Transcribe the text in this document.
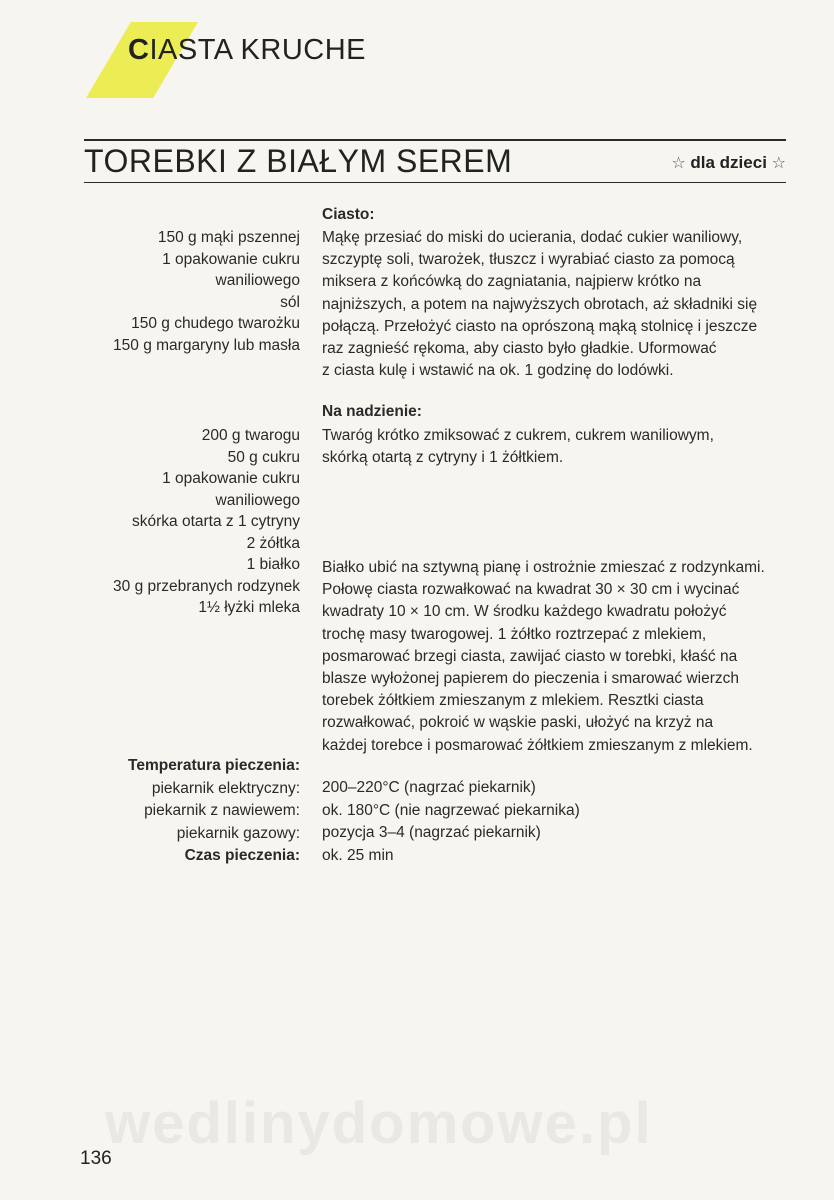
CIASTA KRUCHE
TOREBKI Z BIAŁYM SEREM	☆ dla dzieci ☆
Ciasto:
150 g mąki pszennej
1 opakowanie cukru
waniliowego
sól
150 g chudego twarożku
150 g margaryny lub masła
Mąkę przesiać do miski do ucierania, dodać cukier waniliowy,
szczyptę soli, twarożek, tłuszcz i wyrabiać ciasto za pomocą
miksera z końcówką do zagniatania, najpierw krótko na
najniższych, a potem na najwyższych obrotach, aż składniki się
połączą. Przełożyć ciasto na oprószoną mąką stolnicę i jeszcze
raz zagnieść rękoma, aby ciasto było gładkie. Uformować
z ciasta kulę i wstawić na ok. 1 godzinę do lodówki.
Na nadzienie:
200 g twarogu
50 g cukru
1 opakowanie cukru
waniliowego
skórka otarta z 1 cytryny
2 żółtka
1 białko
30 g przebranych rodzynek
1½ łyżki mleka
Twaróg krótko zmiksować z cukrem, cukrem waniliowym,
skórką otartą z cytryny i 1 żółtkiem.
Białko ubić na sztywną pianę i ostrożnie zmieszać z rodzynkami.
Połowę ciasta rozwałkować na kwadrat 30 × 30 cm i wycinać
kwadraty 10 × 10 cm. W środku każdego kwadratu położyć
trochę masy twarogowej. 1 żółtko roztrzepać z mlekiem,
posmarować brzegi ciasta, zawijać ciasto w torebki, kłaść na
blasze wyłożonej papierem do pieczenia i smarować wierzch
torebek żółtkiem zmieszanym z mlekiem. Resztki ciasta
rozwałkować, pokroić w wąskie paski, ułożyć na krzyż na
każdej torebce i posmarować żółtkiem zmieszanym z mlekiem.
Temperatura pieczenia:
piekarnik elektryczny:
piekarnik z nawiewem:
piekarnik gazowy:
Czas pieczenia:
200–220°C (nagrzać piekarnik)
ok. 180°C (nie nagrzewać piekarnika)
pozycja 3–4 (nagrzać piekarnik)
ok. 25 min
wedlinydomowe.pl
136
